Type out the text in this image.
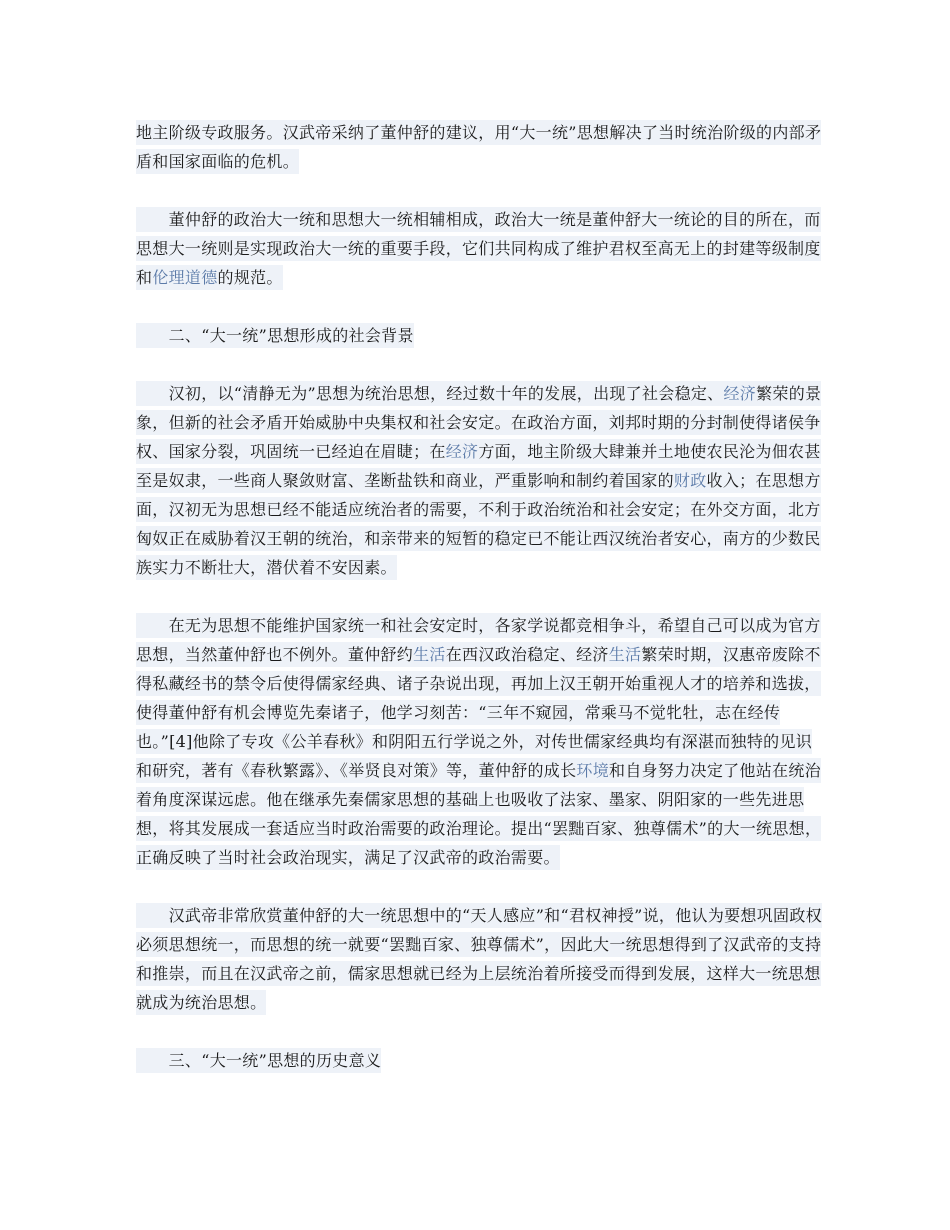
地主阶级专政服务。汉武帝采纳了董仲舒的建议，用“大一统”思想解决了当时统治阶级的内部矛盾和国家面临的危机。

董仲舒的政治大一统和思想大一统相辅相成，政治大一统是董仲舒大一统论的目的所在，而思想大一统则是实现政治大一统的重要手段，它们共同构成了维护君权至高无上的封建等级制度和伦理道德的规范。

二、“大一统”思想形成的社会背景

汉初，以“清静无为”思想为统治思想，经过数十年的发展，出现了社会稳定、经济繁荣的景象，但新的社会矛盾开始威胁中央集权和社会安定。在政治方面，刘邦时期的分封制使得诸侯争权、国家分裂，巩固统一已经迫在眉睫；在经济方面，地主阶级大肆兼并土地使农民沦为佃农甚至是奴隶，一些商人聚敛财富、垄断盐铁和商业，严重影响和制约着国家的财政收入；在思想方面，汉初无为思想已经不能适应统治者的需要，不利于政治统治和社会安定；在外交方面，北方匈奴正在威胁着汉王朝的统治，和亲带来的短暂的稳定已不能让西汉统治者安心，南方的少数民族实力不断壮大，潜伏着不安因素。

在无为思想不能维护国家统一和社会安定时，各家学说都竞相争斗，希望自己可以成为官方思想，当然董仲舒也不例外。董仲舒约生活在西汉政治稳定、经济生活繁荣时期，汉惠帝废除不得私藏经书的禁令后使得儒家经典、诸子杂说出现，再加上汉王朝开始重视人才的培养和选拔，使得董仲舒有机会博览先秦诸子，他学习刻苦：“三年不窥园，常乘马不觉牝牡，志在经传也。”[4]他除了专攻《公羊春秋》和阴阳五行学说之外，对传世儒家经典均有深湛而独特的见识和研究，著有《春秋繁露》、《举贤良对策》等，董仲舒的成长环境和自身努力决定了他站在统治着角度深谋远虑。他在继承先秦儒家思想的基础上也吸收了法家、墨家、阴阳家的一些先进思想，将其发展成一套适应当时政治需要的政治理论。提出“罢黜百家、独尊儒术”的大一统思想，正确反映了当时社会政治现实，满足了汉武帝的政治需要。

汉武帝非常欣赏董仲舒的大一统思想中的“天人感应”和“君权神授”说，他认为要想巩固政权必须思想统一，而思想的统一就要“罢黜百家、独尊儒术”，因此大一统思想得到了汉武帝的支持和推崇，而且在汉武帝之前，儒家思想就已经为上层统治着所接受而得到发展，这样大一统思想就成为统治思想。

三、“大一统”思想的历史意义
